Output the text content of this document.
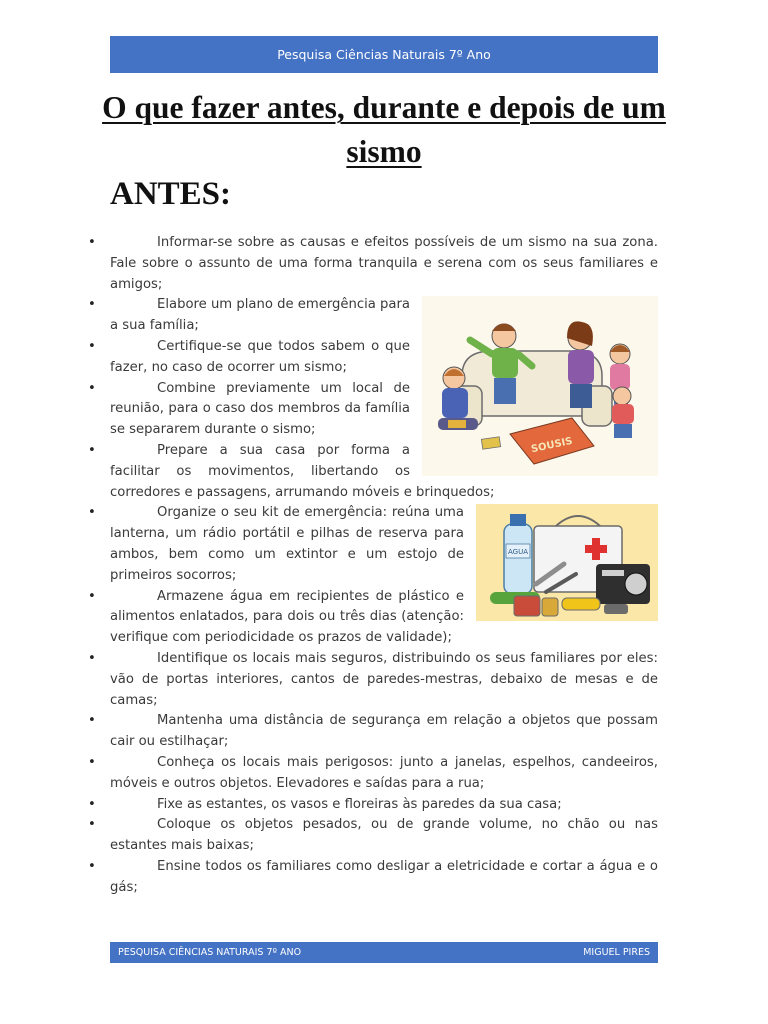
Pesquisa Ciências Naturais 7º Ano
O que fazer antes, durante e depois de um sismo
ANTES:
• Informar-se sobre as causas e efeitos possíveis de um sismo na sua zona. Fale sobre o assunto de uma forma tranquila e serena com os seus familiares e amigos;
• SOUSIS
Elabore um plano de emergência para a sua família;
• Certifique-se que todos sabem o que fazer, no caso de ocorrer um sismo;
• Combine previamente um local de reunião, para o caso dos membros da família se separarem durante o sismo;
• Prepare a sua casa por forma a facilitar os movimentos, libertando os corredores e passagens, arrumando móveis e brinquedos;
• AGUA
Organize o seu kit de emergência: reúna uma lanterna, um rádio portátil e pilhas de reserva para ambos, bem como um extintor e um estojo de primeiros socorros;
• Armazene água em recipientes de plástico e alimentos enlatados, para dois ou três dias (atenção: verifique com periodicidade os prazos de validade);
• Identifique os locais mais seguros, distribuindo os seus familiares por eles: vão de portas interiores, cantos de paredes-mestras, debaixo de mesas e de camas;
• Mantenha uma distância de segurança em relação a objetos que possam cair ou estilhaçar;
• Conheça os locais mais perigosos: junto a janelas, espelhos, candeeiros, móveis e outros objetos. Elevadores e saídas para a rua;
• Fixe as estantes, os vasos e floreiras às paredes da sua casa;
• Coloque os objetos pesados, ou de grande volume, no chão ou nas estantes mais baixas;
• Ensine todos os familiares como desligar a eletricidade e cortar a água e o gás;
PESQUISA CIÊNCIAS NATURAIS 7º ANO	MIGUEL PIRES
